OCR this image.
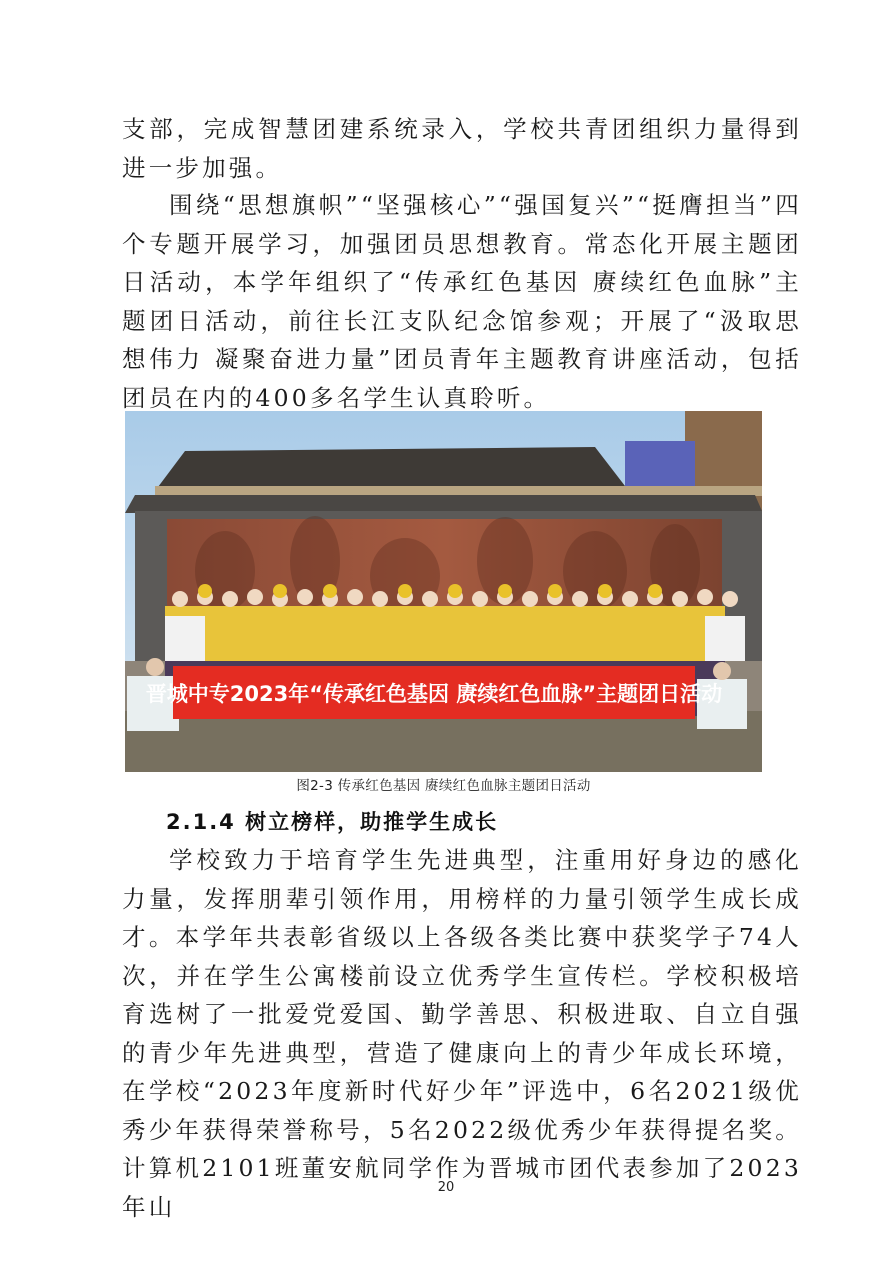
支部，完成智慧团建系统录入，学校共青团组织力量得到进一步加强。

围绕“思想旗帜”“坚强核心”“强国复兴”“挺膺担当”四个专题开展学习，加强团员思想教育。常态化开展主题团日活动，本学年组织了“传承红色基因 赓续红色血脉”主题团日活动，前往长江支队纪念馆参观；开展了“汲取思想伟力 凝聚奋进力量”团员青年主题教育讲座活动，包括团员在内的400多名学生认真聆听。

晋城中专2023年“传承红色基因 赓续红色血脉”主题团日活动
图2-3 传承红色基因 赓续红色血脉主题团日活动
2.1.4 树立榜样，助推学生成长

学校致力于培育学生先进典型，注重用好身边的感化力量，发挥朋辈引领作用，用榜样的力量引领学生成长成才。本学年共表彰省级以上各级各类比赛中获奖学子74人次，并在学生公寓楼前设立优秀学生宣传栏。学校积极培育选树了一批爱党爱国、勤学善思、积极进取、自立自强的青少年先进典型，营造了健康向上的青少年成长环境，在学校“2023年度新时代好少年”评选中，6名2021级优秀少年获得荣誉称号，5名2022级优秀少年获得提名奖。计算机2101班董安航同学作为晋城市团代表参加了2023年山

20
